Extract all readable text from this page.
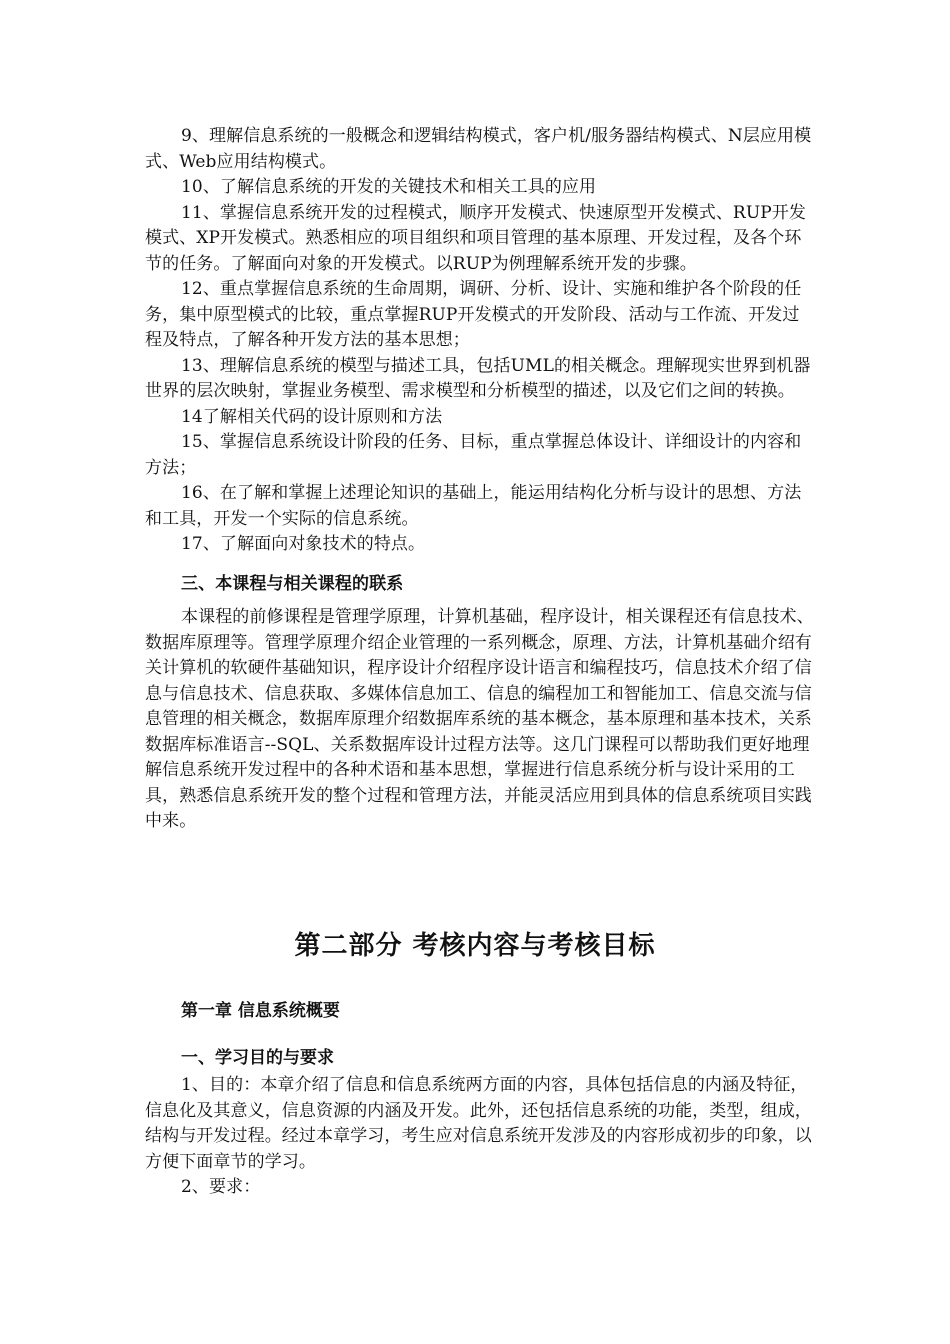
9、理解信息系统的一般概念和逻辑结构模式，客户机/服务器结构模式、N层应用模式、Web应用结构模式。

10、了解信息系统的开发的关键技术和相关工具的应用

11、掌握信息系统开发的过程模式，顺序开发模式、快速原型开发模式、RUP开发模式、XP开发模式。熟悉相应的项目组织和项目管理的基本原理、开发过程，及各个环节的任务。了解面向对象的开发模式。以RUP为例理解系统开发的步骤。

12、重点掌握信息系统的生命周期，调研、分析、设计、实施和维护各个阶段的任务，集中原型模式的比较，重点掌握RUP开发模式的开发阶段、活动与工作流、开发过程及特点，了解各种开发方法的基本思想；

13、理解信息系统的模型与描述工具，包括UML的相关概念。理解现实世界到机器世界的层次映射，掌握业务模型、需求模型和分析模型的描述，以及它们之间的转换。

14了解相关代码的设计原则和方法

15、掌握信息系统设计阶段的任务、目标，重点掌握总体设计、详细设计的内容和方法；

16、在了解和掌握上述理论知识的基础上，能运用结构化分析与设计的思想、方法和工具，开发一个实际的信息系统。

17、了解面向对象技术的特点。

三、本课程与相关课程的联系

本课程的前修课程是管理学原理，计算机基础，程序设计，相关课程还有信息技术、 数据库原理等。管理学原理介绍企业管理的一系列概念，原理、方法，计算机基础介绍有关计算机的软硬件基础知识，程序设计介绍程序设计语言和编程技巧，信息技术介绍了信息与信息技术、信息获取、多媒体信息加工、信息的编程加工和智能加工、信息交流与信息管理的相关概念，数据库原理介绍数据库系统的基本概念，基本原理和基本技术，关系数据库标准语言--SQL、关系数据库设计过程方法等。这几门课程可以帮助我们更好地理解信息系统开发过程中的各种术语和基本思想，掌握进行信息系统分析与设计采用的工具，熟悉信息系统开发的整个过程和管理方法，并能灵活应用到具体的信息系统项目实践中来。

第二部分 考核内容与考核目标
第一章 信息系统概要
一、学习目的与要求

1、目的：本章介绍了信息和信息系统两方面的内容，具体包括信息的内涵及特征，信息化及其意义，信息资源的内涵及开发。此外，还包括信息系统的功能，类型，组成，结构与开发过程。经过本章学习，考生应对信息系统开发涉及的内容形成初步的印象，以方便下面章节的学习。

2、要求：
